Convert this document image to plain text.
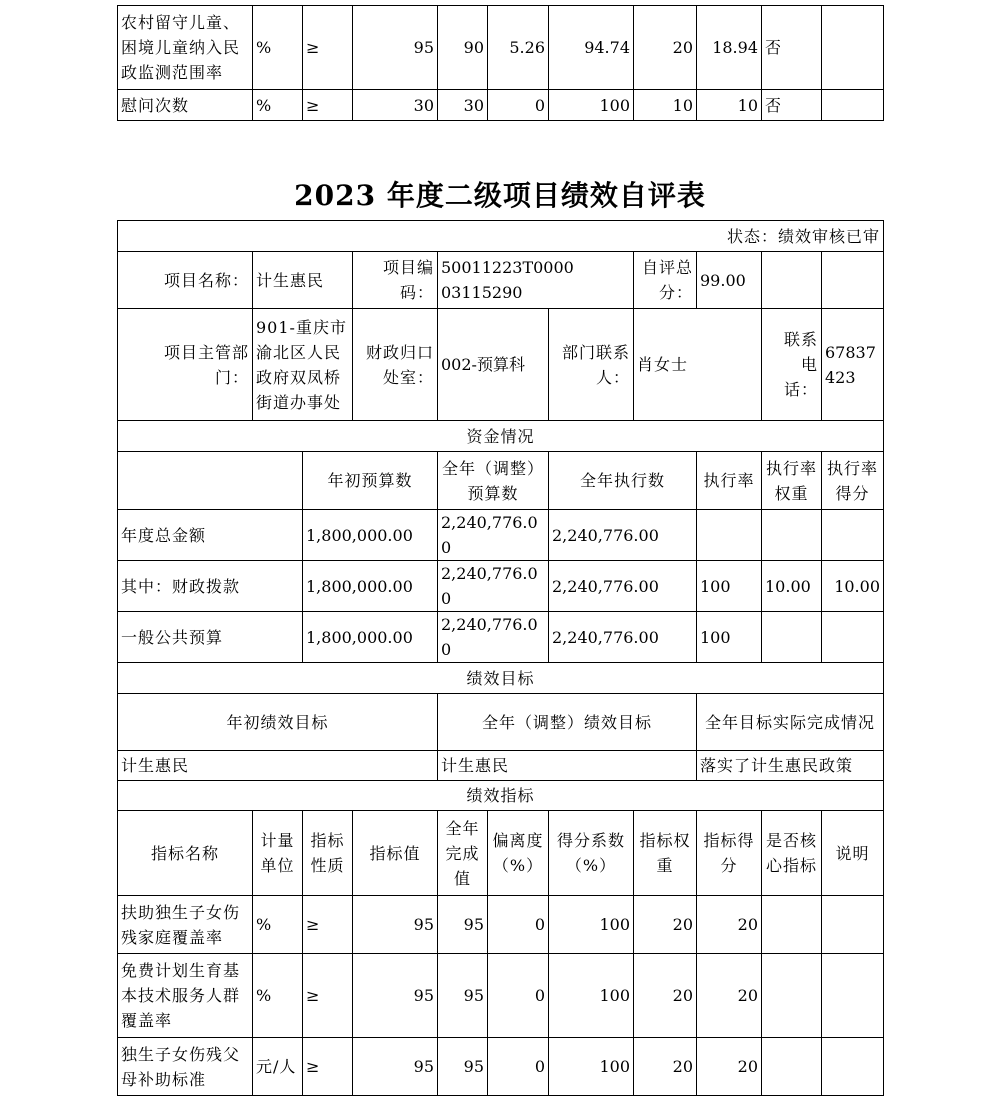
农村留守儿童、困境儿童纳入民政监测范围率	%	≥	95	90	5.26	94.74	20	18.94	否	
慰问次数	%	≥	30	30	0	100	10	10	否	
2023 年度二级项目绩效自评表
状态：绩效审核已审										
项目名称：	计生惠民		项目编码：	50011223T000003115290			自评总分：	99.00		
项目主管部门：	901-重庆市渝北区人民政府双凤桥街道办事处		财政归口处室：	002-预算科		部门联系人：	肖女士		联系电话：	67837423
资金情况										
		年初预算数		全年（调整）预算数		全年执行数		执行率	执行率权重	执行率得分
年度总金额		1,800,000.00		2,240,776.00		2,240,776.00				
其中：财政拨款		1,800,000.00		2,240,776.00		2,240,776.00		100	10.00	10.00
一般公共预算		1,800,000.00		2,240,776.00		2,240,776.00		100		
绩效目标										
年初绩效目标				全年（调整）绩效目标				全年目标实际完成情况		
计生惠民				计生惠民				落实了计生惠民政策		
绩效指标										
指标名称	计量单位	指标性质	指标值	全年完成值	偏离度（%）	得分系数（%）	指标权重	指标得分	是否核心指标	说明
扶助独生子女伤残家庭覆盖率	%	≥	95	95	0	100	20	20		
免费计划生育基本技术服务人群覆盖率	%	≥	95	95	0	100	20	20		
独生子女伤残父母补助标准	元/人	≥	95	95	0	100	20	20		
